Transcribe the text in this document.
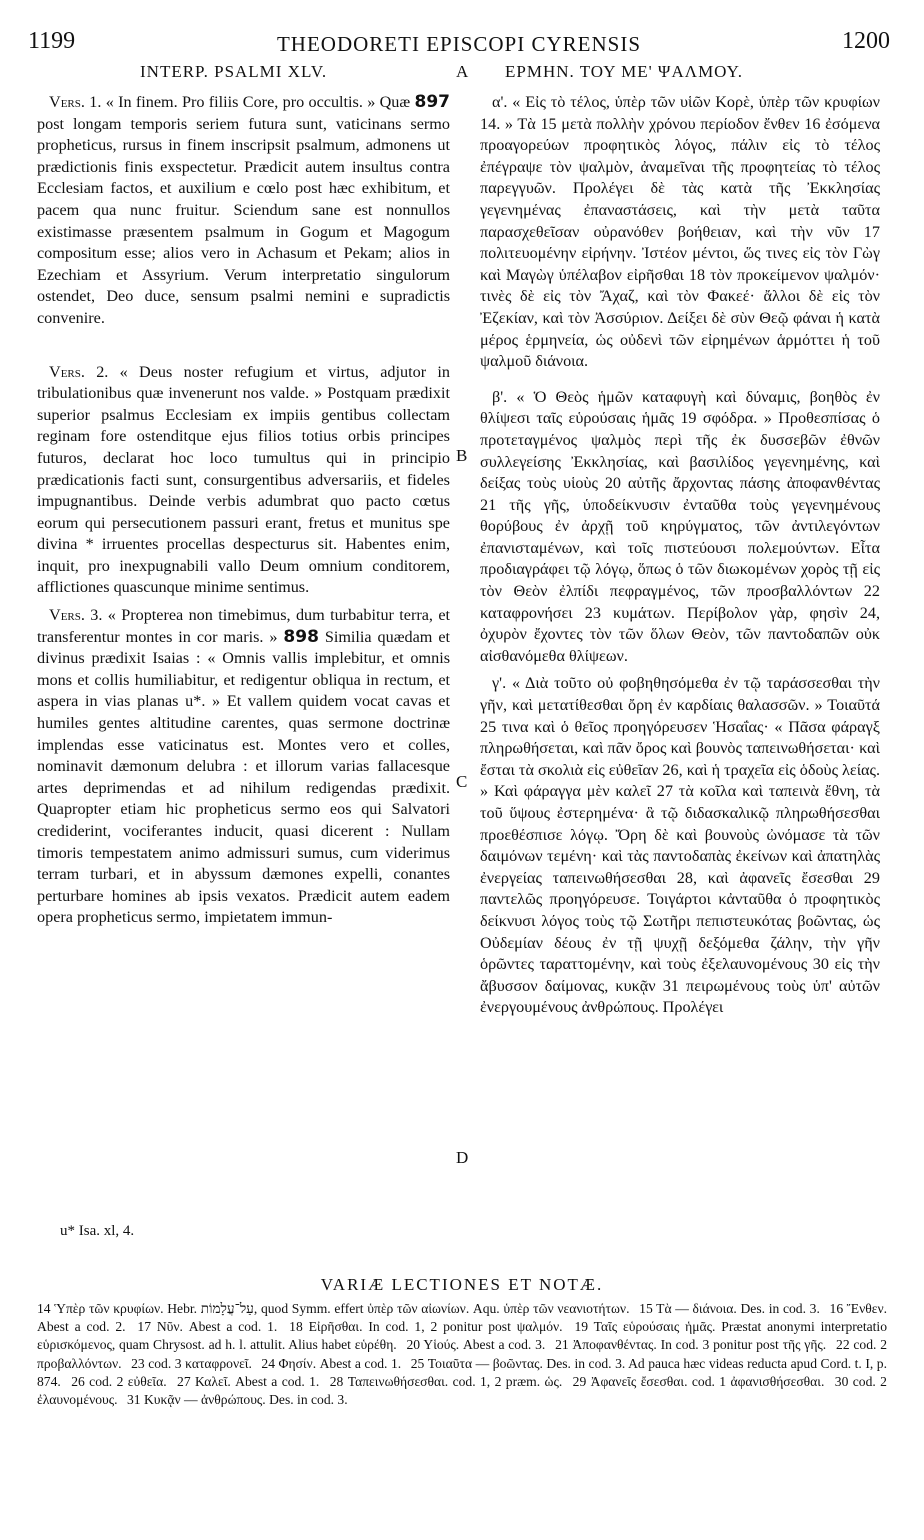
1199	THEODORETI EPISCOPI CYRENSIS	1200
INTERP. PSALMI XLV.	ΕΡΜΗΝ. ΤΟΥ ΜΕ' ΨΑΛΜΟΥ.
A
B
C
D

Vers. 1. « In finem. Pro filiis Core, pro occultis. » Quæ 897 post longam temporis seriem futura sunt, vaticinans sermo propheticus, rursus in finem inscripsit psalmum, admonens ut prædictionis finis exspectetur. Prædicit autem insultus contra Ecclesiam factos, et auxilium e cœlo post hæc exhibitum, et pacem qua nunc fruitur. Sciendum sane est nonnullos existimasse præsentem psalmum in Gogum et Magogum compositum esse; alios vero in Achasum et Pekam; alios in Ezechiam et Assyrium. Verum interpretatio singulorum ostendet, Deo duce, sensum psalmi nemini e supradictis convenire.

Vers. 2. « Deus noster refugium et virtus, adjutor in tribulationibus quæ invenerunt nos valde. » Postquam prædixit superior psalmus Ecclesiam ex impiis gentibus collectam reginam fore ostenditque ejus filios totius orbis principes futuros, declarat hoc loco tumultus qui in principio prædicationis facti sunt, consurgentibus adversariis, et fideles impugnantibus. Deinde verbis adumbrat quo pacto cœtus eorum qui persecutionem passuri erant, fretus et munitus spe divina * irruentes procellas despecturus sit. Habentes enim, inquit, pro inexpugnabili vallo Deum omnium conditorem, afflictiones quascunque minime sentimus.

Vers. 3. « Propterea non timebimus, dum turbabitur terra, et transferentur montes in cor maris. » 898 Similia quædam et divinus prædixit Isaias : « Omnis vallis implebitur, et omnis mons et collis humiliabitur, et redigentur obliqua in rectum, et aspera in vias planas u*. » Et vallem quidem vocat cavas et humiles gentes altitudine carentes, quas sermone doctrinæ implendas esse vaticinatus est. Montes vero et colles, nominavit dæmonum delubra : et illorum varias fallacesque artes deprimendas et ad nihilum redigendas prædixit. Quapropter etiam hic propheticus sermo eos qui Salvatori crediderint, vociferantes inducit, quasi dicerent : Nullam timoris tempestatem animo admissuri sumus, cum viderimus terram turbari, et in abyssum dæmones expelli, conantes perturbare homines ab ipsis vexatos. Prædicit autem eadem opera propheticus sermo, impietatem immun-

α'. « Εἰς τὸ τέλος, ὑπὲρ τῶν υἱῶν Κορὲ, ὑπὲρ τῶν κρυφίων 14. » Τὰ 15 μετὰ πολλὴν χρόνου περίοδον ἔνθεν 16 ἐσόμενα προαγορεύων προφητικὸς λόγος, πάλιν εἰς τὸ τέλος ἐπέγραψε τὸν ψαλμὸν, ἀναμεῖναι τῆς προφητείας τὸ τέλος παρεγγυῶν. Προλέγει δὲ τὰς κατὰ τῆς Ἐκκλησίας γεγενημένας ἐπαναστάσεις, καὶ τὴν μετὰ ταῦτα παρασχεθεῖσαν οὐρανόθεν βοήθειαν, καὶ τὴν νῦν 17 πολιτευομένην εἰρήνην. Ἰστέον μέντοι, ὥς τινες εἰς τὸν Γὼγ καὶ Μαγὼγ ὑπέλαβον εἰρῆσθαι 18 τὸν προκείμενον ψαλμόν· τινὲς δὲ εἰς τὸν Ἄχαζ, καὶ τὸν Φακεέ· ἄλλοι δὲ εἰς τὸν Ἐζεκίαν, καὶ τὸν Ἀσσύριον. Δείξει δὲ σὺν Θεῷ φάναι ἡ κατὰ μέρος ἑρμηνεία, ὡς οὐδενὶ τῶν εἰρημένων ἁρμόττει ἡ τοῦ ψαλμοῦ διάνοια.

β'. « Ὁ Θεὸς ἡμῶν καταφυγὴ καὶ δύναμις, βοηθὸς ἐν θλίψεσι ταῖς εὑρούσαις ἡμᾶς 19 σφόδρα. » Προθεσπίσας ὁ προτεταγμένος ψαλμὸς περὶ τῆς ἐκ δυσσεβῶν ἐθνῶν συλλεγείσης Ἐκκλησίας, καὶ βασιλίδος γεγενημένης, καὶ δείξας τοὺς υἱοὺς 20 αὐτῆς ἄρχοντας πάσης ἀποφανθέντας 21 τῆς γῆς, ὑποδείκνυσιν ἐνταῦθα τοὺς γεγενημένους θορύβους ἐν ἀρχῇ τοῦ κηρύγματος, τῶν ἀντιλεγόντων ἐπανισταμένων, καὶ τοῖς πιστεύουσι πολεμούντων. Εἶτα προδιαγράφει τῷ λόγῳ, ὅπως ὁ τῶν διωκομένων χορὸς τῇ εἰς τὸν Θεὸν ἐλπίδι πεφραγμένος, τῶν προσβαλλόντων 22 καταφρονήσει 23 κυμάτων. Περίβολον γὰρ, φησὶν 24, ὀχυρὸν ἔχοντες τὸν τῶν ὅλων Θεὸν, τῶν παντοδαπῶν οὐκ αἰσθανόμεθα θλίψεων.

γ'. « Διὰ τοῦτο οὐ φοβηθησόμεθα ἐν τῷ ταράσσεσθαι τὴν γῆν, καὶ μετατίθεσθαι ὄρη ἐν καρδίαις θαλασσῶν. » Τοιαῦτά 25 τινα καὶ ὁ θεῖος προηγόρευσεν Ἡσαΐας· « Πᾶσα φάραγξ πληρωθήσεται, καὶ πᾶν ὄρος καὶ βουνὸς ταπεινωθήσεται· καὶ ἔσται τὰ σκολιὰ εἰς εὐθεῖαν 26, καὶ ἡ τραχεῖα εἰς ὁδοὺς λείας. » Καὶ φάραγγα μὲν καλεῖ 27 τὰ κοῖλα καὶ ταπεινὰ ἔθνη, τὰ τοῦ ὕψους ἐστερημένα· ἃ τῷ διδασκαλικῷ πληρωθήσεσθαι προεθέσπισε λόγῳ. Ὄρη δὲ καὶ βουνοὺς ὠνόμασε τὰ τῶν δαιμόνων τεμένη· καὶ τὰς παντοδαπὰς ἐκείνων καὶ ἀπατηλὰς ἐνεργείας ταπεινωθήσεσθαι 28, καὶ ἀφανεῖς ἔσεσθαι 29 παντελῶς προηγόρευσε. Τοιγάρτοι κἀνταῦθα ὁ προφητικὸς δείκνυσι λόγος τοὺς τῷ Σωτῆρι πεπιστευκότας βοῶντας, ὡς Οὐδεμίαν δέους ἐν τῇ ψυχῇ δεξόμεθα ζάλην, τὴν γῆν ὁρῶντες ταραττομένην, καὶ τοὺς ἐξελαυνομένους 30 εἰς τὴν ἄβυσσον δαίμονας, κυκᾷν 31 πειρωμένους τοὺς ὑπ' αὐτῶν ἐνεργουμένους ἀνθρώπους. Προλέγει

u* Isa. xl, 4.
VARIÆ LECTIONES ET NOTÆ.

14 Ὑπὲρ τῶν κρυφίων. Hebr. עַל־עֲלָמוֹת, quod Symm. effert ὑπὲρ τῶν αἰωνίων. Aqu. ὑπὲρ τῶν νεανιοτήτων. 15 Τὰ — διάνοια. Des. in cod. 3. 16 Ἔνθεν. Abest a cod. 2. 17 Νῦν. Abest a cod. 1. 18 Εἰρῆσθαι. In cod. 1, 2 ponitur post ψαλμόν. 19 Ταῖς εὑρούσαις ἡμᾶς. Præstat anonymi interpretatio εὑρισκόμενος, quam Chrysost. ad h. l. attulit. Alius habet εὑρέθη. 20 Υἱούς. Abest a cod. 3. 21 Ἀποφανθέντας. In cod. 3 ponitur post τῆς γῆς. 22 cod. 2 προβαλλόντων. 23 cod. 3 καταφρονεῖ. 24 Φησίν. Abest a cod. 1. 25 Τοιαῦτα — βοῶντας. Des. in cod. 3. Ad pauca hæc videas reducta apud Cord. t. I, p. 874. 26 cod. 2 εὐθεῖα. 27 Καλεῖ. Abest a cod. 1. 28 Ταπεινωθήσεσθαι. cod. 1, 2 præm. ὡς. 29 Ἀφανεῖς ἔσεσθαι. cod. 1 ἀφανισθήσεσθαι. 30 cod. 2 ἐλαυνομένους. 31 Κυκᾷν — ἀνθρώπους. Des. in cod. 3.
